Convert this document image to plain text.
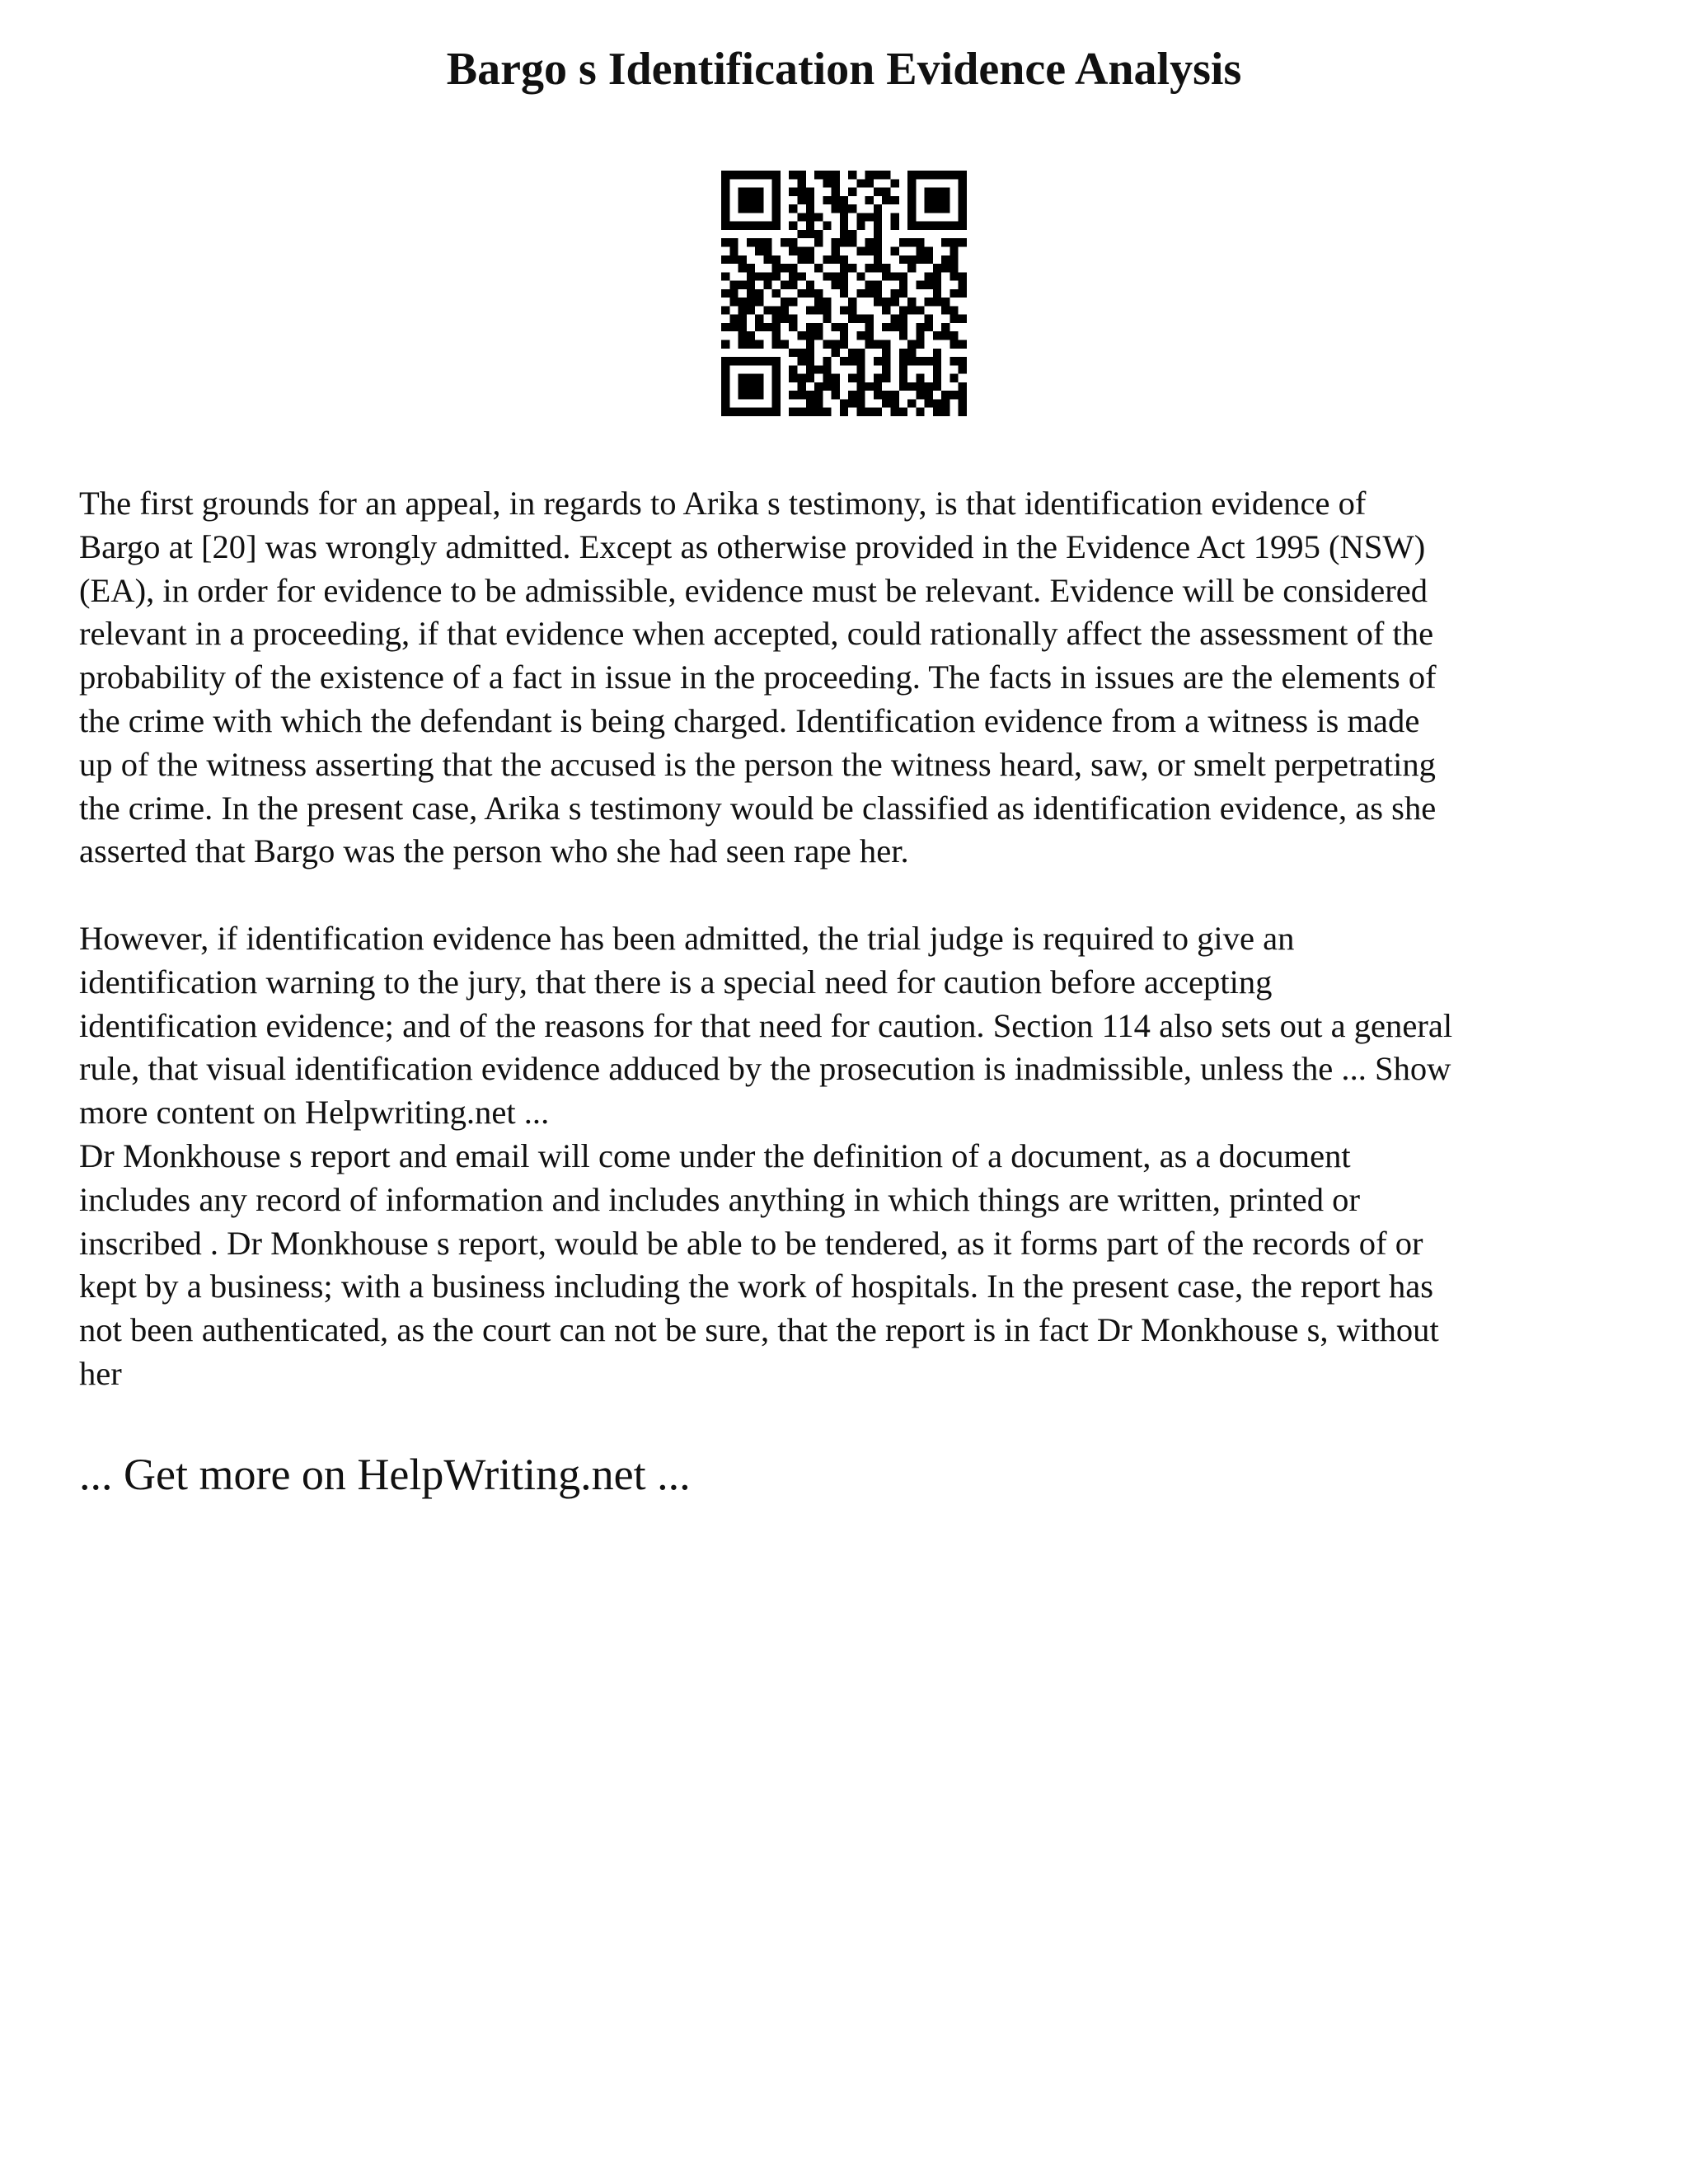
Bargo s Identification Evidence Analysis

The first grounds for an appeal, in regards to Arika s testimony, is that identification evidence of

Bargo at [20] was wrongly admitted. Except as otherwise provided in the Evidence Act 1995 (NSW)

(EA), in order for evidence to be admissible, evidence must be relevant. Evidence will be considered

relevant in a proceeding, if that evidence when accepted, could rationally affect the assessment of the

probability of the existence of a fact in issue in the proceeding. The facts in issues are the elements of

the crime with which the defendant is being charged. Identification evidence from a witness is made

up of the witness asserting that the accused is the person the witness heard, saw, or smelt perpetrating

the crime. In the present case, Arika s testimony would be classified as identification evidence, as she

asserted that Bargo was the person who she had seen rape her.

However, if identification evidence has been admitted, the trial judge is required to give an

identification warning to the jury, that there is a special need for caution before accepting

identification evidence; and of the reasons for that need for caution. Section 114 also sets out a general

rule, that visual identification evidence adduced by the prosecution is inadmissible, unless the ... Show

more content on Helpwriting.net ...

Dr Monkhouse s report and email will come under the definition of a document, as a document

includes any record of information and includes anything in which things are written, printed or

inscribed . Dr Monkhouse s report, would be able to be tendered, as it forms part of the records of or

kept by a business; with a business including the work of hospitals. In the present case, the report has

not been authenticated, as the court can not be sure, that the report is in fact Dr Monkhouse s, without

her

... Get more on HelpWriting.net ...
